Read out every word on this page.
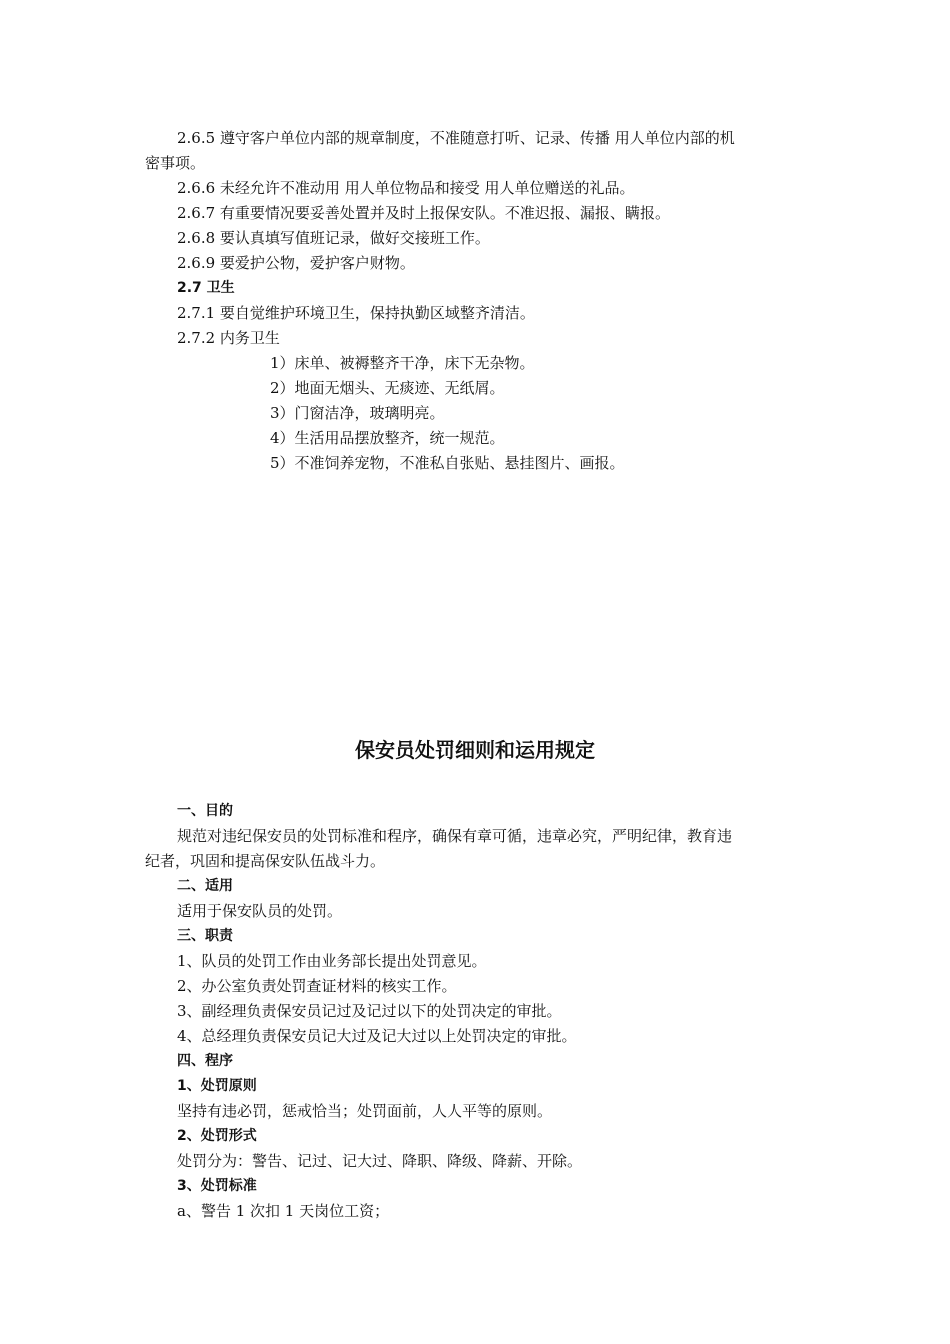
2.6.5 遵守客户单位内部的规章制度，不准随意打听、记录、传播 用人单位内部的机
密事项。
2.6.6 未经允许不准动用 用人单位物品和接受 用人单位赠送的礼品。
2.6.7 有重要情况要妥善处置并及时上报保安队。不准迟报、漏报、瞒报。
2.6.8 要认真填写值班记录，做好交接班工作。
2.6.9 要爱护公物，爱护客户财物。
2.7 卫生
2.7.1 要自觉维护环境卫生，保持执勤区域整齐清洁。
2.7.2 内务卫生
1）床单、被褥整齐干净，床下无杂物。
2）地面无烟头、无痰迹、无纸屑。
3）门窗洁净，玻璃明亮。
4）生活用品摆放整齐，统一规范。
5）不准饲养宠物，不准私自张贴、悬挂图片、画报。
保安员处罚细则和运用规定
一、目的
规范对违纪保安员的处罚标准和程序，确保有章可循，违章必究，严明纪律，教育违
纪者，巩固和提高保安队伍战斗力。
二、适用
适用于保安队员的处罚。
三、职责
1、队员的处罚工作由业务部长提出处罚意见。
2、办公室负责处罚查证材料的核实工作。
3、副经理负责保安员记过及记过以下的处罚决定的审批。
4、总经理负责保安员记大过及记大过以上处罚决定的审批。
四、程序
1、处罚原则
坚持有违必罚，惩戒恰当；处罚面前，人人平等的原则。
2、处罚形式
处罚分为：警告、记过、记大过、降职、降级、降薪、开除。
3、处罚标准
a、警告 1 次扣 1 天岗位工资；
